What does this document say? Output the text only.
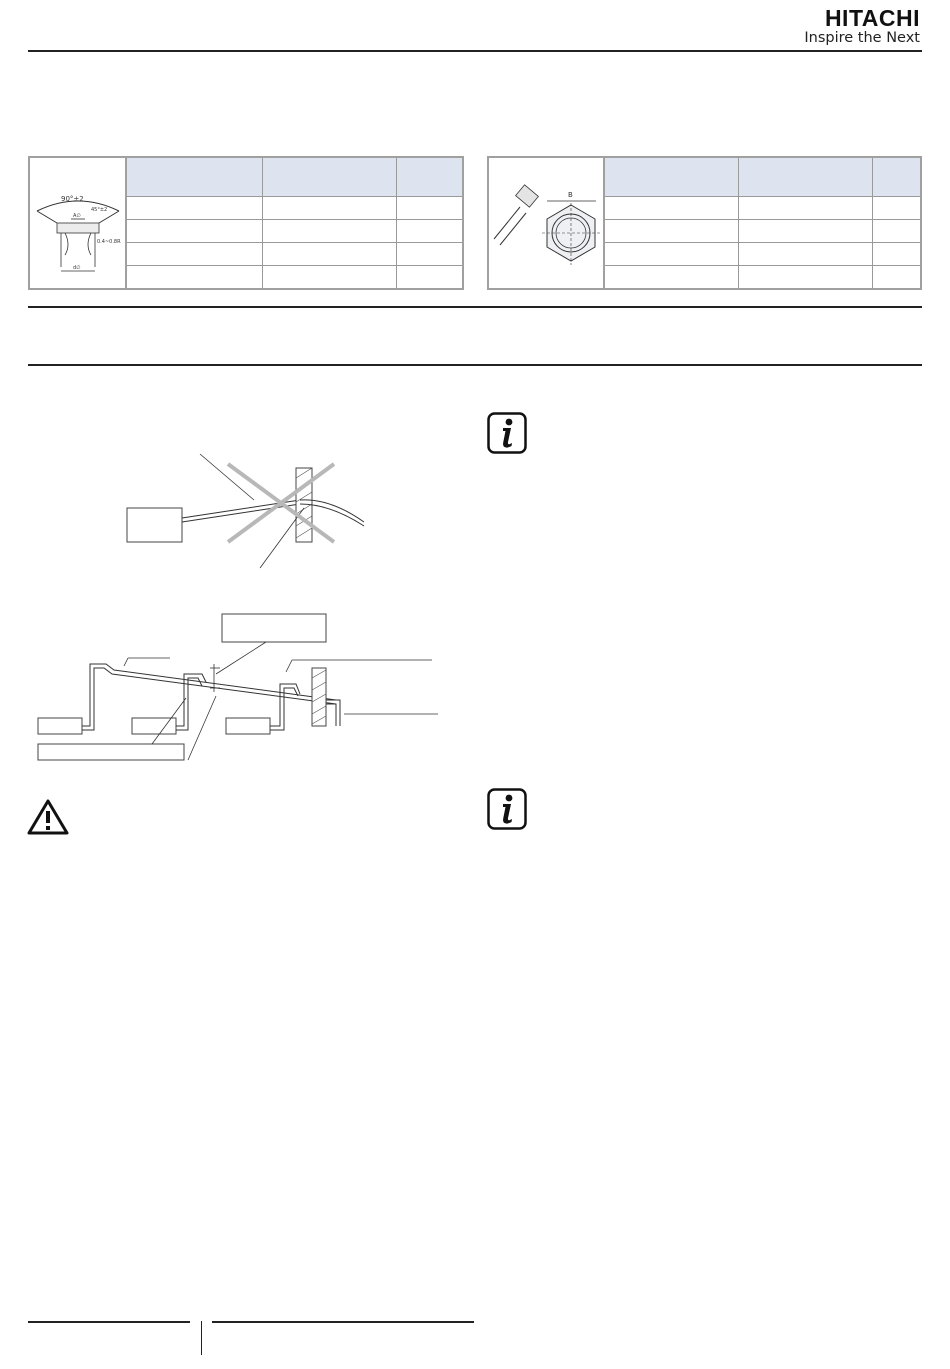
HITACHI
Inspire the Next
90°±2
45°±2
A∅
0.4~0.8R
d∅			

B			
